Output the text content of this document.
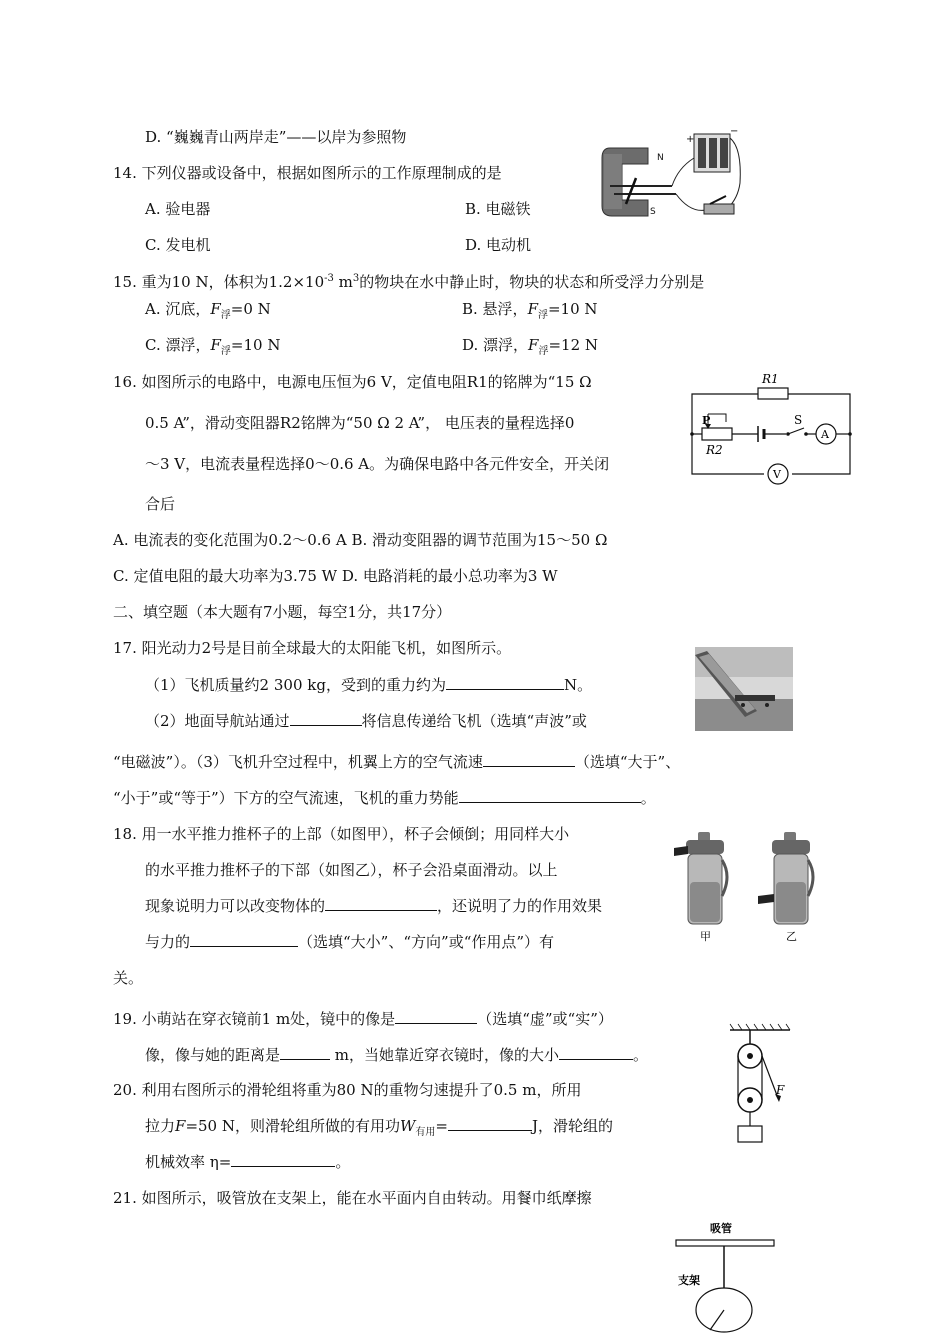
D. “巍巍青山两岸走”——以岸为参照物
14. 下列仪器或设备中，根据如图所示的工作原理制成的是
A. 验电器	B. 电磁铁
C. 发电机	D. 电动机
N
S
+
−
15. 重为10 N，体积为$1.2\times 10^{-3}$ $m^3$的物块在水中静止时，物块的状态和所受浮力分别是
A. 沉底，$F_浮=0$ N	B. 悬浮，$F_浮=10$ N
C. 漂浮，$F_浮=10$ N	D. 漂浮，$F_浮=12$ N
16. 如图所示的电路中，电源电压恒为6 V，定值电阻R1的铭牌为“15 Ω
0.5 A”，滑动变阻器R2铭牌为“50 Ω 2 A”， 电压表的量程选择0
～3 V，电流表量程选择0～0.6 A。为确保电路中各元件安全，开关闭
合后
A. 电流表的变化范围为0.2～0.6 A B. 滑动变阻器的调节范围为15～50 Ω
C. 定值电阻的最大功率为3.75 W D. 电路消耗的最小总功率为3 W
R1
P
R2
S
A
V
二、填空题（本大题有7小题，每空1分，共17分）
17. 阳光动力2号是目前全球最大的太阳能飞机，如图所示。
（1）飞机质量约2 300 kg，受到的重力约为	N。
（2）地面导航站通过	将信息传递给飞机（选填“声波”或
“电磁波”）。（3）飞机升空过程中，机翼上方的空气流速	（选填“大于”、
“小于”或“等于”）下方的空气流速，飞机的重力势能	。
18. 用一水平推力推杯子的上部（如图甲），杯子会倾倒；用同样大小
的水平推力推杯子的下部（如图乙），杯子会沿桌面滑动。以上
现象说明力可以改变物体的	，还说明了力的作用效果
与力的	（选填“大小”、“方向”或“作用点”）有
关。
甲	乙
19. 小萌站在穿衣镜前1 m处，镜中的像是	（选填“虚”或“实”）
像，像与她的距离是	m，当她靠近穿衣镜时，像的大小	。
20. 利用右图所示的滑轮组将重为80 N的重物匀速提升了0.5 m，所用
拉力F=50 N，则滑轮组所做的有用功$W_{有用}=$	J，滑轮组的
机械效率 η=	。
F
21. 如图所示，吸管放在支架上，能在水平面内自由转动。用餐巾纸摩擦
吸管
支架
